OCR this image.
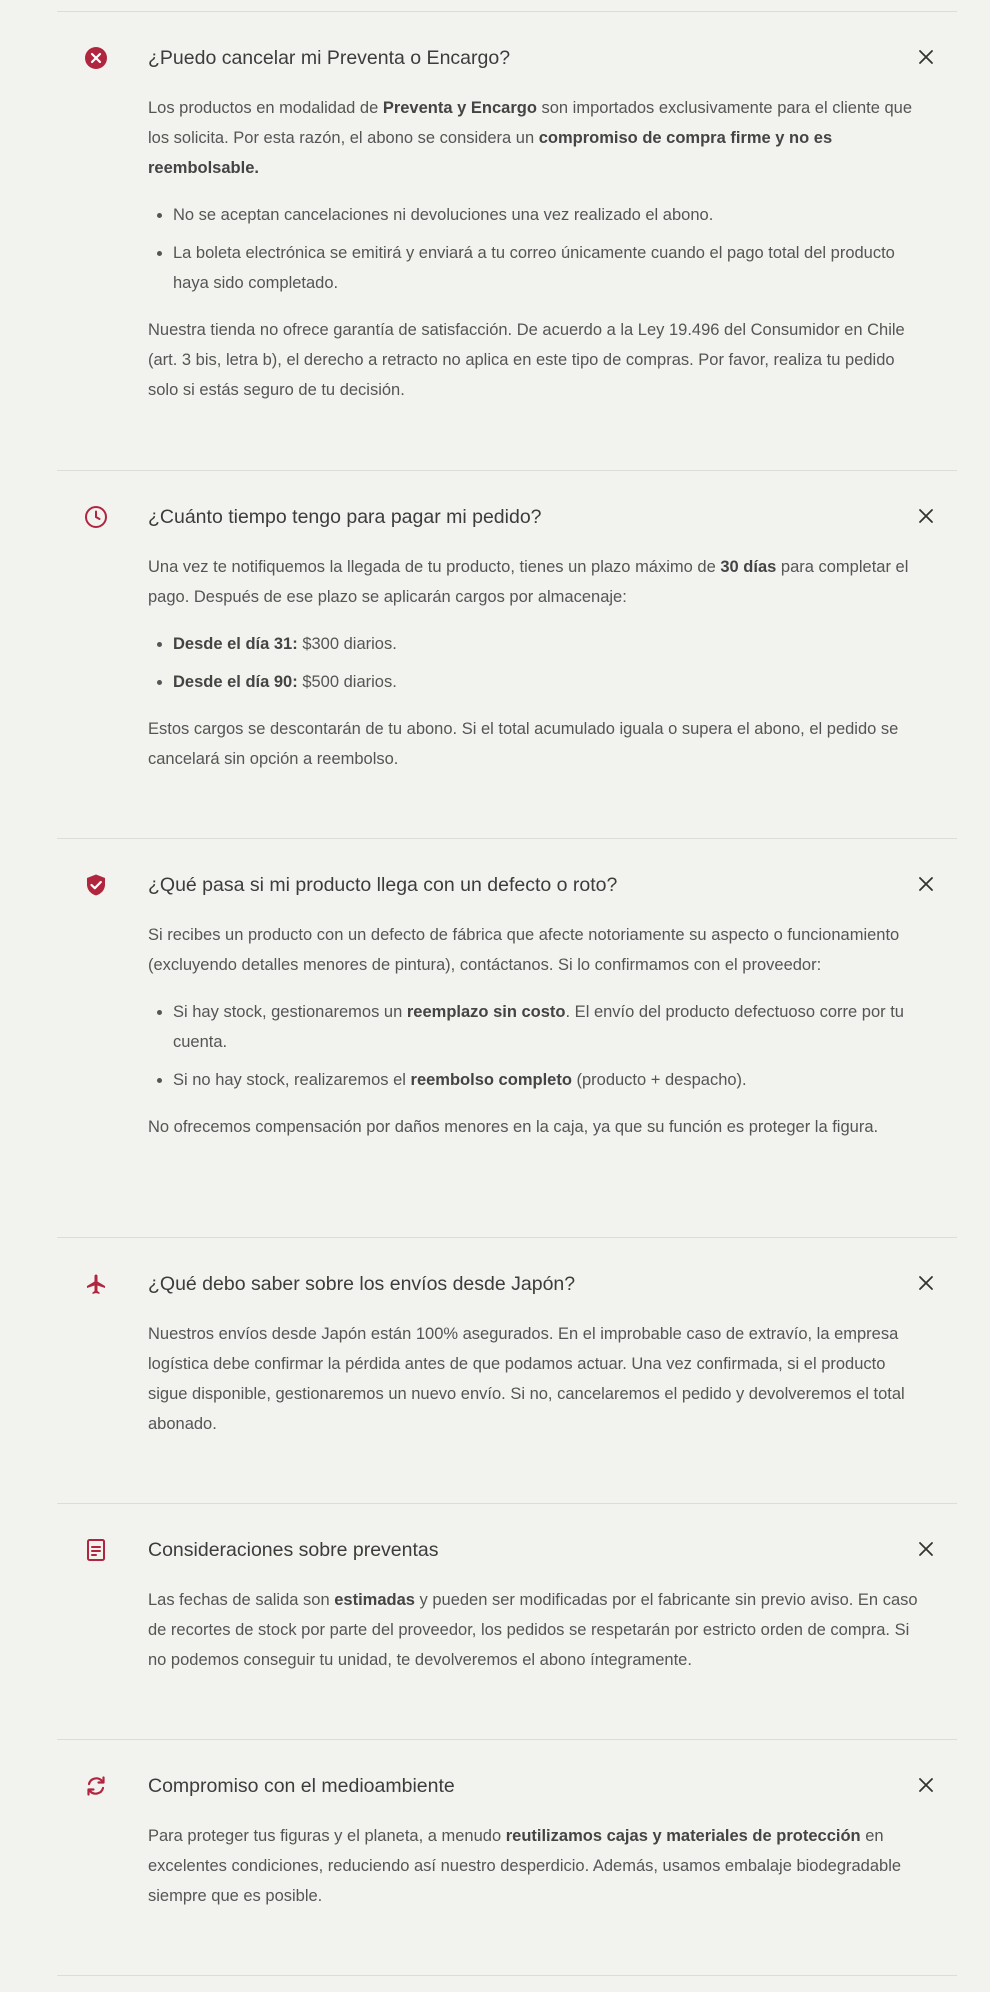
¿Puedo cancelar mi Preventa o Encargo?

Los productos en modalidad de Preventa y Encargo son importados exclusivamente para el cliente que los solicita. Por esta razón, el abono se considera un compromiso de compra firme y no es reembolsable.

• No se aceptan cancelaciones ni devoluciones una vez realizado el abono.
• La boleta electrónica se emitirá y enviará a tu correo únicamente cuando el pago total del producto haya sido completado.

Nuestra tienda no ofrece garantía de satisfacción. De acuerdo a la Ley 19.496 del Consumidor en Chile (art. 3 bis, letra b), el derecho a retracto no aplica en este tipo de compras. Por favor, realiza tu pedido solo si estás seguro de tu decisión.

¿Cuánto tiempo tengo para pagar mi pedido?

Una vez te notifiquemos la llegada de tu producto, tienes un plazo máximo de 30 días para completar el pago. Después de ese plazo se aplicarán cargos por almacenaje:

• Desde el día 31: $300 diarios.
• Desde el día 90: $500 diarios.

Estos cargos se descontarán de tu abono. Si el total acumulado iguala o supera el abono, el pedido se cancelará sin opción a reembolso.

¿Qué pasa si mi producto llega con un defecto o roto?

Si recibes un producto con un defecto de fábrica que afecte notoriamente su aspecto o funcionamiento (excluyendo detalles menores de pintura), contáctanos. Si lo confirmamos con el proveedor:

• Si hay stock, gestionaremos un reemplazo sin costo. El envío del producto defectuoso corre por tu cuenta.
• Si no hay stock, realizaremos el reembolso completo (producto + despacho).

No ofrecemos compensación por daños menores en la caja, ya que su función es proteger la figura.

¿Qué debo saber sobre los envíos desde Japón?

Nuestros envíos desde Japón están 100% asegurados. En el improbable caso de extravío, la empresa logística debe confirmar la pérdida antes de que podamos actuar. Una vez confirmada, si el producto sigue disponible, gestionaremos un nuevo envío. Si no, cancelaremos el pedido y devolveremos el total abonado.

Consideraciones sobre preventas

Las fechas de salida son estimadas y pueden ser modificadas por el fabricante sin previo aviso. En caso de recortes de stock por parte del proveedor, los pedidos se respetarán por estricto orden de compra. Si no podemos conseguir tu unidad, te devolveremos el abono íntegramente.

Compromiso con el medioambiente

Para proteger tus figuras y el planeta, a menudo reutilizamos cajas y materiales de protección en excelentes condiciones, reduciendo así nuestro desperdicio. Además, usamos embalaje biodegradable siempre que es posible.
